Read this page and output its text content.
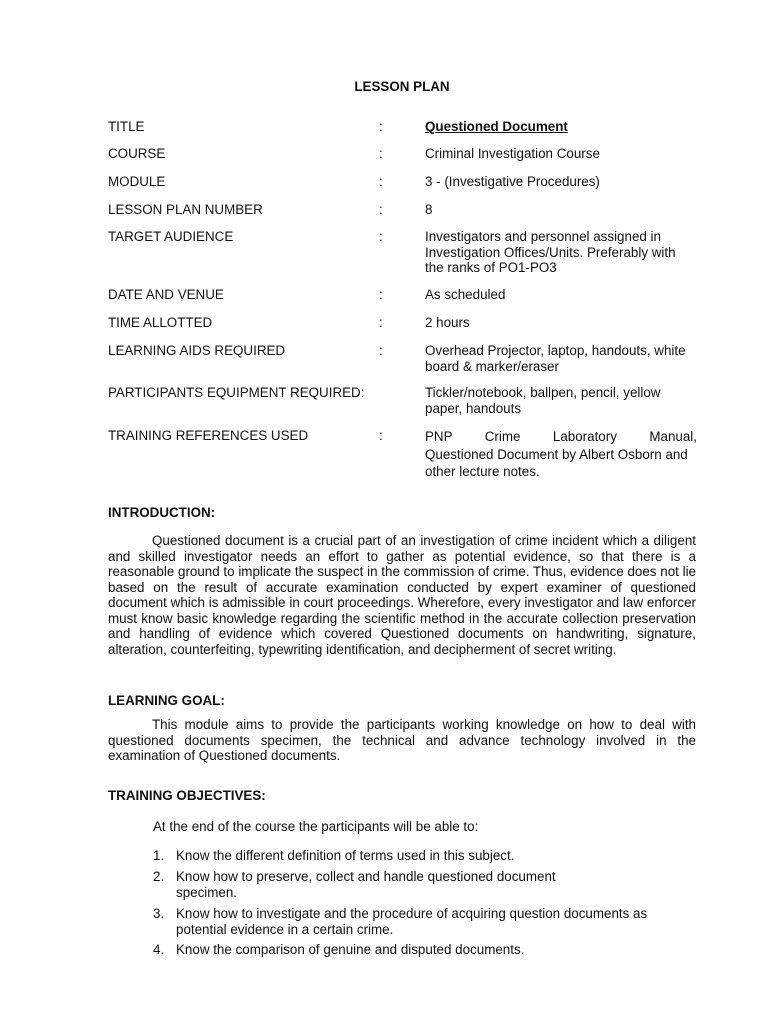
LESSON PLAN
TITLE	:	Questioned Document
COURSE	:	Criminal Investigation Course
MODULE	:	3 - (Investigative Procedures)
LESSON PLAN NUMBER	:	8
TARGET AUDIENCE	:	Investigators and personnel assigned in Investigation Offices/Units. Preferably with the ranks of PO1-PO3
DATE AND VENUE	:	As scheduled
TIME ALLOTTED	:	2 hours
LEARNING AIDS REQUIRED	:	Overhead Projector, laptop, handouts, white board & marker/eraser
PARTICIPANTS EQUIPMENT REQUIRED:	Tickler/notebook, ballpen, pencil, yellow paper, handouts
TRAINING REFERENCES USED	:	PNP Crime Laboratory Manual,
Questioned Document by Albert Osborn and other lecture notes.
INTRODUCTION:
Questioned document is a crucial part of an investigation of crime incident which a diligent and skilled investigator needs an effort to gather as potential evidence, so that there is a reasonable ground to implicate the suspect in the commission of crime. Thus, evidence does not lie based on the result of accurate examination conducted by expert examiner of questioned document which is admissible in court proceedings. Wherefore, every investigator and law enforcer must know basic knowledge regarding the scientific method in the accurate collection preservation and handling of evidence which covered Questioned documents on handwriting, signature, alteration, counterfeiting, typewriting identification, and decipherment of secret writing.
LEARNING GOAL:
This module aims to provide the participants working knowledge on how to deal with questioned documents specimen, the technical and advance technology involved in the examination of Questioned documents.
TRAINING OBJECTIVES:
At the end of the course the participants will be able to:
1. Know the different definition of terms used in this subject.
2. Know how to preserve, collect and handle questioned document specimen.
3. Know how to investigate and the procedure of acquiring question documents as potential evidence in a certain crime.
4. Know the comparison of genuine and disputed documents.
